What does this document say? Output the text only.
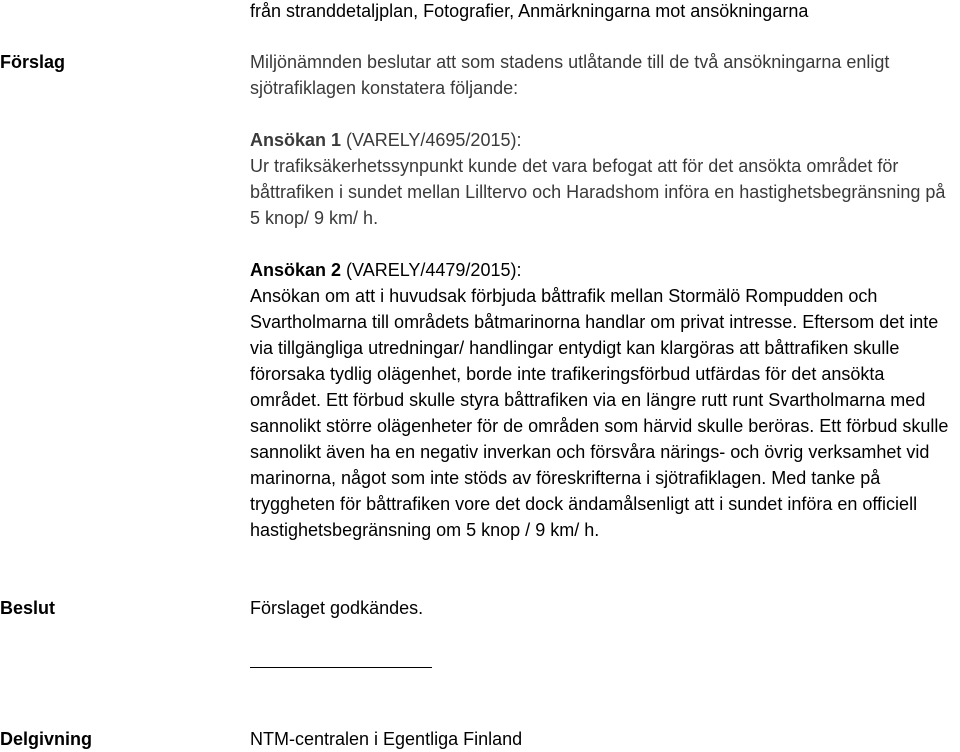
från stranddetaljplan, Fotografier, Anmärkningarna mot ansökningarna

Förslag	Miljönämnden beslutar att som stadens utlåtande till de två ansökningarna enligt sjötrafiklagen konstatera följande:

Ansökan 1 (VARELY/4695/2015):

Ur trafiksäkerhetssynpunkt kunde det vara befogat att för det ansökta området för båttrafiken i sundet mellan Lilltervo och Haradshom införa en hastighetsbegränsning på 5 knop/ 9 km/ h.

Ansökan 2 (VARELY/4479/2015):

Ansökan om att i huvudsak förbjuda båttrafik mellan Stormälö Rompudden och Svartholmarna till områdets båtmarinorna handlar om privat intresse. Eftersom det inte via tillgängliga utredningar/ handlingar entydigt kan klargöras att båttrafiken skulle förorsaka tydlig olägenhet, borde inte trafikeringsförbud utfärdas för det ansökta området. Ett förbud skulle styra båttrafiken via en längre rutt runt Svartholmarna med sannolikt större olägenheter för de områden som härvid skulle beröras. Ett förbud skulle sannolikt även ha en negativ inverkan och försvåra närings- och övrig verksamhet vid marinorna, något som inte stöds av föreskrifterna i sjötrafiklagen. Med tanke på tryggheten för båttrafiken vore det dock ändamålsenligt att i sundet införa en officiell hastighetsbegränsning om 5 knop / 9 km/ h.

Beslut	Förslaget godkändes.
Delgivning	NTM-centralen i Egentliga Finland
